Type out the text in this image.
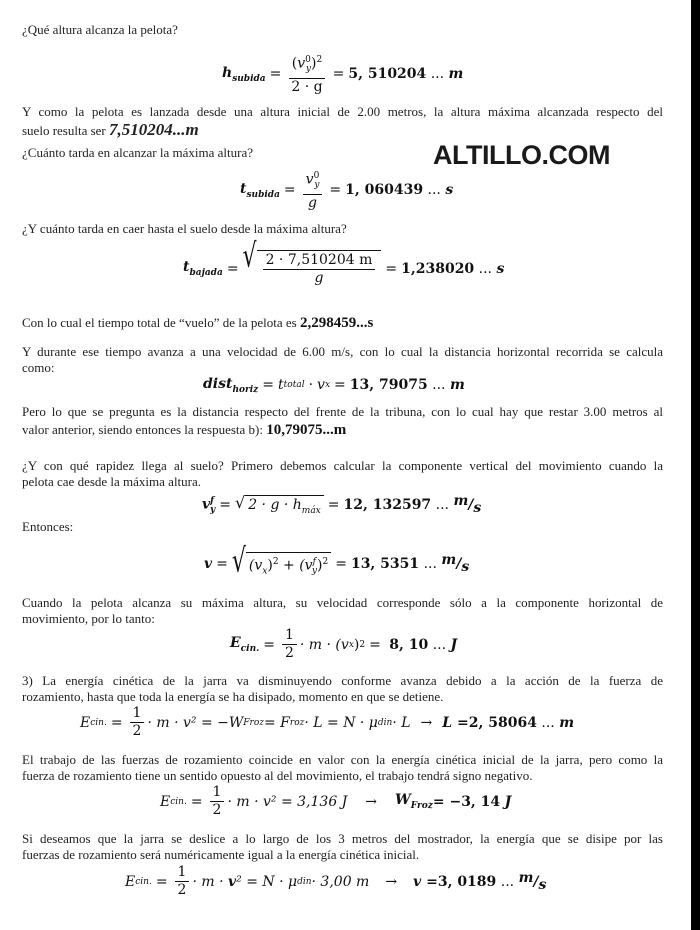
ALTILLO.COM
¿Qué altura alcanza la pelota?
$h_{subida} = \frac{(v^0_y)^2}{2 \cdot g} = 5$, 510204
...
m
Y como la pelota es lanzada desde una altura inicial de 2.00 metros, la altura máxima alcanzada respecto del
suelo resulta ser 7,510204...m
¿Cuánto tarda en alcanzar la máxima altura?
$t_{subida} = \frac{v^0_y}{g} = 1$, 060439
...
s
¿Y cuánto tarda en caer hasta el suelo desde la máxima altura?
$t_{bajada}$ = √ $\frac{2 \cdot 7,510204 m}{g} = 1,238020$
...
s
Con lo cual el tiempo total de “vuelo” de la pelota es 2,298459...s
Y durante ese tiempo avanza a una velocidad de 6.00 m/s, con lo cual la distancia horizontal recorrida se calcula
como:
dist$_{horiz}$ = t total · v x = 13, 79075
...
m
Pero lo que se pregunta es la distancia respecto del frente de la tribuna, con lo cual hay que restar 3.00 metros al
valor anterior, siendo entonces la respuesta b): 10,79075...m
¿Y con qué rapidez llega al suelo? Primero debemos calcular la componente vertical del movimiento cuando la
pelota cae desde la máxima altura.
$v^f_y$ = √ $2 \cdot g \cdot h_{máx} = 12$, 132597
...
m/s
Entonces:
v = √ $(v_x)^2 + (v^f_y)^2 = 13$, 5351
...
m/s
Cuando la pelota alcanza su máxima altura, su velocidad corresponde sólo a la componente horizontal de
movimiento, por lo tanto:
$E_{cin.} = \frac{1}{2} \cdot m \cdot (v$ x ) 2 =
8, 10
...
J
3) La energía cinética de la jarra va disminuyendo conforme avanza debido a la acción de la fuerza de
rozamiento, hasta que toda la energía se ha disipado, momento en que se detiene.
E cin. = $\frac{1}{2} \cdot m \cdot v^2 = -W$ Froz = F roz · L = N · μ din · L → L = 2, 58064
...
m
El trabajo de las fuerzas de rozamiento coincide en valor con la energía cinética inicial de la jarra, pero como la
fuerza de rozamiento tiene un sentido opuesto al del movimiento, el trabajo tendrá signo negativo.
E cin. = $\frac{1}{2} \cdot m \cdot v^2 = 3,136$ $J \to W_{Froz} = -3$, 14
J
Si deseamos que la jarra se deslice a lo largo de los 3 metros del mostrador, la energía que se disipe por las
fuerzas de rozamiento será numéricamente igual a la energía cinética inicial.
E cin. = $\frac{1}{2} \cdot m$ ·
v ² = N · μ din · 3,00 m → v = 3, 0189
...
m/s
